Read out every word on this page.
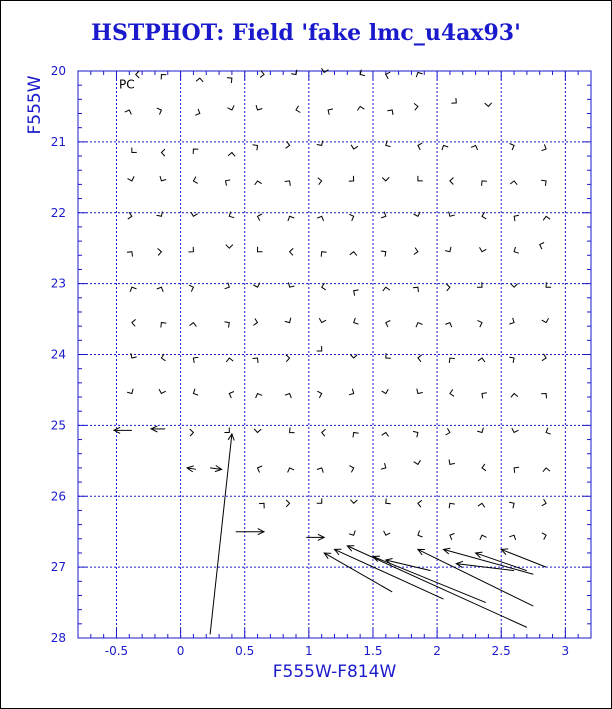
HSTPHOT: Field 'fake lmc_u4ax93'
-0.5	0	0.5	1	1.5	2	2.5	3
20
21
22
23
24
25
26
27
28
F555W-F814W
F555W	PC
